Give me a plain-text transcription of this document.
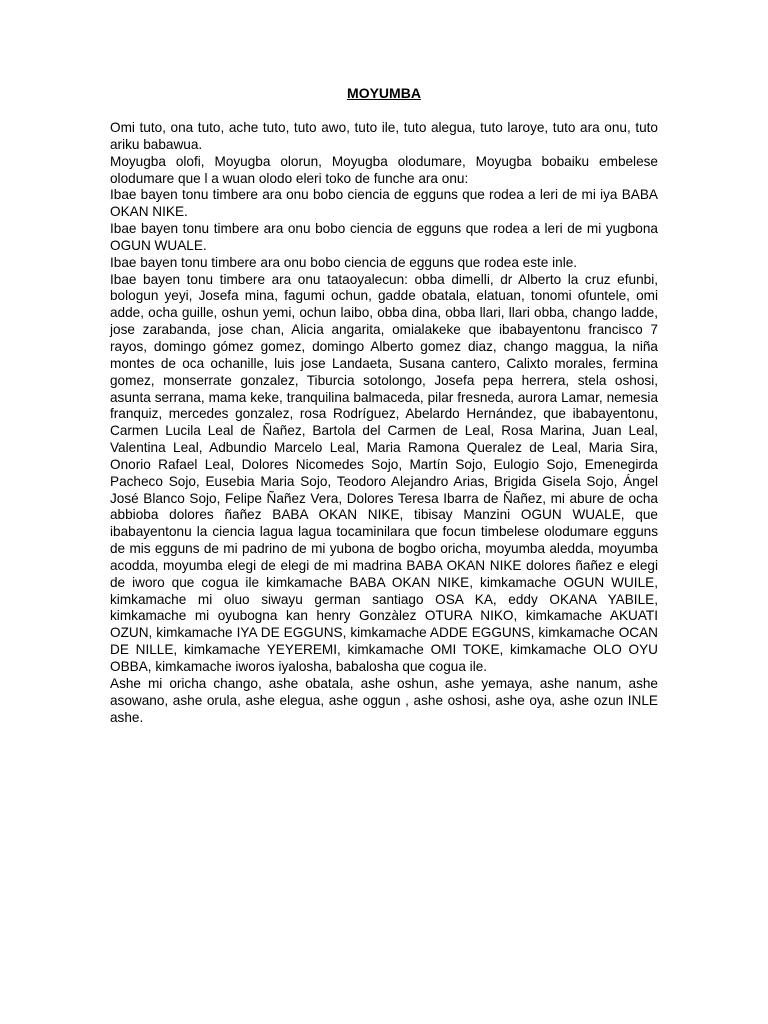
MOYUMBA

Omi tuto, ona tuto, ache tuto, tuto awo, tuto ile, tuto alegua, tuto laroye, tuto ara onu, tuto ariku babawua.

Moyugba olofi, Moyugba olorun, Moyugba olodumare, Moyugba bobaiku embelese olodumare que l a wuan olodo eleri toko de funche ara onu:

Ibae bayen tonu timbere ara onu bobo ciencia de egguns que rodea a leri de mi iya BABA OKAN NIKE.

Ibae bayen tonu timbere ara onu bobo ciencia de egguns que rodea a leri de mi yugbona OGUN WUALE.

Ibae bayen tonu timbere ara onu bobo ciencia de egguns que rodea este inle.

Ibae bayen tonu timbere ara onu tataoyalecun: obba dimelli, dr Alberto la cruz efunbi, bologun yeyi, Josefa mina, fagumi ochun, gadde obatala, elatuan, tonomi ofuntele, omi adde, ocha guille, oshun yemi, ochun laibo, obba dina, obba llari, llari obba, chango ladde, jose zarabanda, jose chan, Alicia angarita, omialakeke que ibabayentonu francisco 7 rayos, domingo gómez gomez, domingo Alberto gomez diaz, chango maggua, la niña montes de oca ochanille, luis jose Landaeta, Susana cantero, Calixto morales, fermina gomez, monserrate gonzalez, Tiburcia sotolongo, Josefa pepa herrera, stela oshosi, asunta serrana, mama keke, tranquilina balmaceda, pilar fresneda, aurora Lamar, nemesia franquiz, mercedes gonzalez, rosa Rodríguez, Abelardo Hernández, que ibabayentonu, Carmen Lucila Leal de Ñañez, Bartola del Carmen de Leal, Rosa Marina, Juan Leal, Valentina Leal, Adbundio Marcelo Leal, Maria Ramona Queralez de Leal, Maria Sira, Onorio Rafael Leal, Dolores Nicomedes Sojo, Martín Sojo, Eulogio Sojo, Emenegirda Pacheco Sojo, Eusebia Maria Sojo, Teodoro Alejandro Arias, Brigida Gisela Sojo, Ángel José Blanco Sojo, Felipe Ñañez Vera, Dolores Teresa Ibarra de Ñañez, mi abure de ocha abbioba dolores ñañez BABA OKAN NIKE, tibisay Manzini OGUN WUALE, que ibabayentonu la ciencia lagua lagua tocaminilara que focun timbelese olodumare egguns de mis egguns de mi padrino de mi yubona de bogbo oricha, moyumba aledda, moyumba acodda, moyumba elegi de elegi de mi madrina BABA OKAN NIKE dolores ñañez e elegi de iworo que cogua ile kimkamache BABA OKAN NIKE, kimkamache OGUN WUILE, kimkamache mi oluo siwayu german santiago OSA KA, eddy OKANA YABILE, kimkamache mi oyubogna kan henry Gonzàlez OTURA NIKO, kimkamache AKUATI OZUN, kimkamache IYA DE EGGUNS, kimkamache ADDE EGGUNS, kimkamache OCAN DE NILLE, kimkamache YEYEREMI, kimkamache OMI TOKE, kimkamache OLO OYU OBBA, kimkamache iworos iyalosha, babalosha que cogua ile.

Ashe mi oricha chango, ashe obatala, ashe oshun, ashe yemaya, ashe nanum, ashe asowano, ashe orula, ashe elegua, ashe oggun , ashe oshosi, ashe oya, ashe ozun INLE ashe.
